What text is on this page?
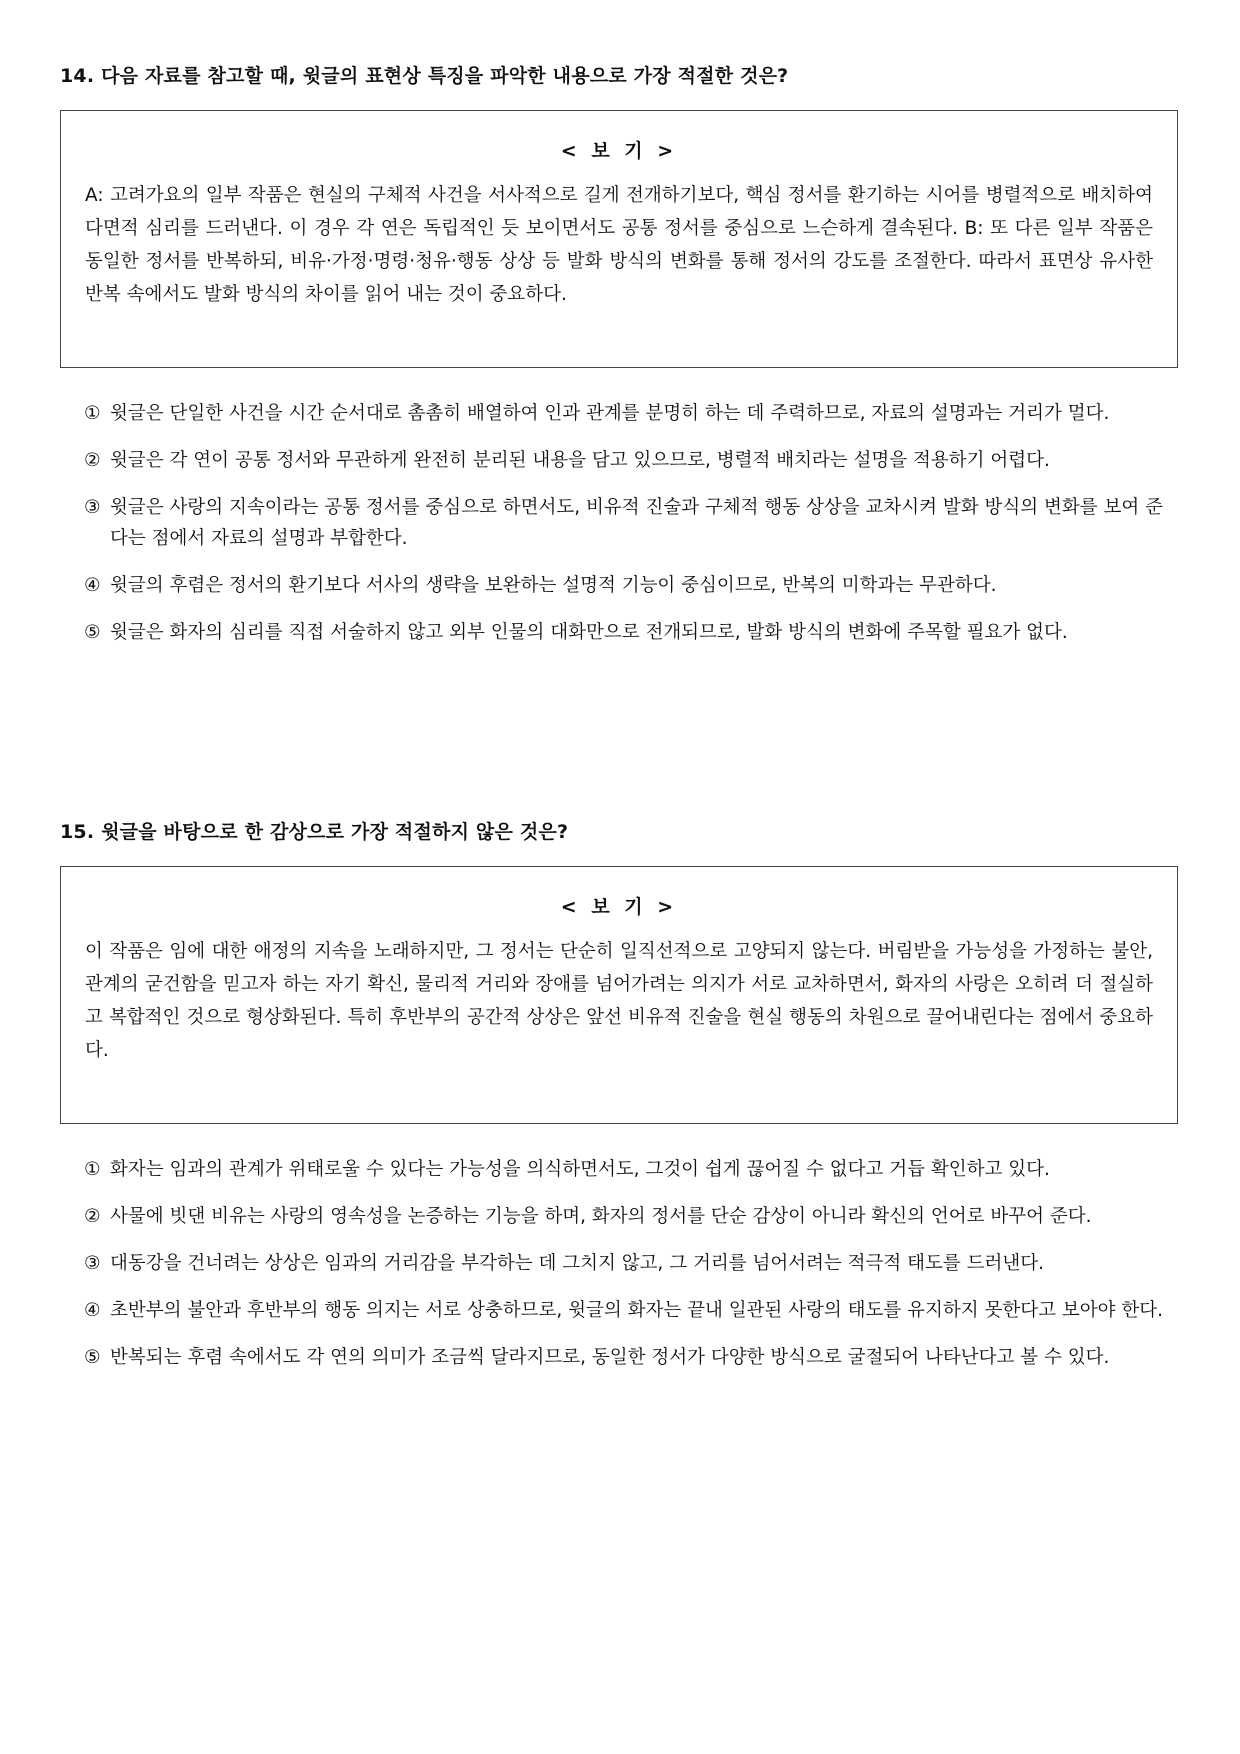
14. 다음 자료를 참고할 때, 윗글의 표현상 특징을 파악한 내용으로 가장 적절한 것은?

< 보 기 >

A: 고려가요의 일부 작품은 현실의 구체적 사건을 서사적으로 길게 전개하기보다, 핵심 정서를 환기하는 시어를 병렬적으로 배치하여 다면적 심리를 드러낸다. 이 경우 각 연은 독립적인 듯 보이면서도 공통 정서를 중심으로 느슨하게 결속된다. B: 또 다른 일부 작품은 동일한 정서를 반복하되, 비유·가정·명령·청유·행동 상상 등 발화 방식의 변화를 통해 정서의 강도를 조절한다. 따라서 표면상 유사한 반복 속에서도 발화 방식의 차이를 읽어 내는 것이 중요하다.

① 윗글은 단일한 사건을 시간 순서대로 촘촘히 배열하여 인과 관계를 분명히 하는 데 주력하므로, 자료의 설명과는 거리가 멀다.
② 윗글은 각 연이 공통 정서와 무관하게 완전히 분리된 내용을 담고 있으므로, 병렬적 배치라는 설명을 적용하기 어렵다.
③ 윗글은 사랑의 지속이라는 공통 정서를 중심으로 하면서도, 비유적 진술과 구체적 행동 상상을 교차시켜 발화 방식의 변화를 보여 준다는 점에서 자료의 설명과 부합한다.
④ 윗글의 후렴은 정서의 환기보다 서사의 생략을 보완하는 설명적 기능이 중심이므로, 반복의 미학과는 무관하다.
⑤ 윗글은 화자의 심리를 직접 서술하지 않고 외부 인물의 대화만으로 전개되므로, 발화 방식의 변화에 주목할 필요가 없다.

15. 윗글을 바탕으로 한 감상으로 가장 적절하지 않은 것은?

< 보 기 >

이 작품은 임에 대한 애정의 지속을 노래하지만, 그 정서는 단순히 일직선적으로 고양되지 않는다. 버림받을 가능성을 가정하는 불안, 관계의 굳건함을 믿고자 하는 자기 확신, 물리적 거리와 장애를 넘어가려는 의지가 서로 교차하면서, 화자의 사랑은 오히려 더 절실하고 복합적인 것으로 형상화된다. 특히 후반부의 공간적 상상은 앞선 비유적 진술을 현실 행동의 차원으로 끌어내린다는 점에서 중요하다.

① 화자는 임과의 관계가 위태로울 수 있다는 가능성을 의식하면서도, 그것이 쉽게 끊어질 수 없다고 거듭 확인하고 있다.
② 사물에 빗댄 비유는 사랑의 영속성을 논증하는 기능을 하며, 화자의 정서를 단순 감상이 아니라 확신의 언어로 바꾸어 준다.
③ 대동강을 건너려는 상상은 임과의 거리감을 부각하는 데 그치지 않고, 그 거리를 넘어서려는 적극적 태도를 드러낸다.
④ 초반부의 불안과 후반부의 행동 의지는 서로 상충하므로, 윗글의 화자는 끝내 일관된 사랑의 태도를 유지하지 못한다고 보아야 한다.
⑤ 반복되는 후렴 속에서도 각 연의 의미가 조금씩 달라지므로, 동일한 정서가 다양한 방식으로 굴절되어 나타난다고 볼 수 있다.
